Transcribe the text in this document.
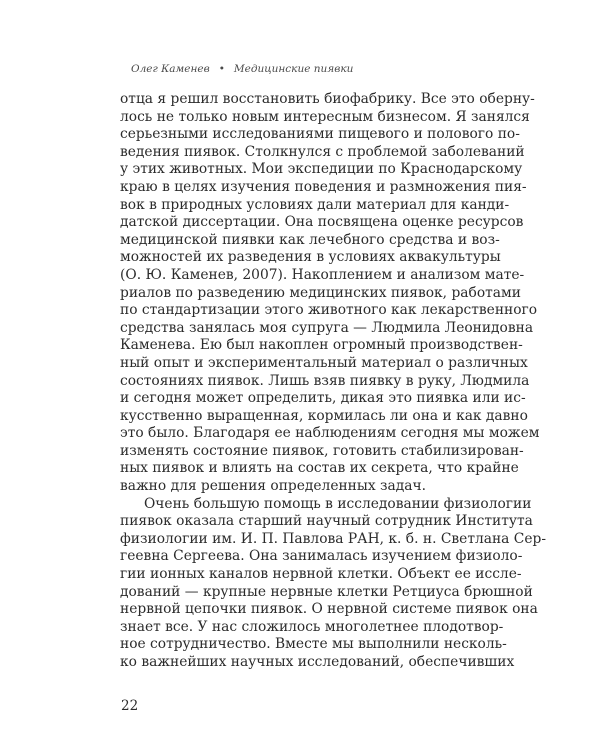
Олег Каменев • Медицинские пиявки
отца я решил восстановить биофабрику. Все это оберну-
лось не только новым интересным бизнесом. Я занялся
серьезными исследованиями пищевого и полового по-
ведения пиявок. Столкнулся с проблемой заболеваний
у этих животных. Мои экспедиции по Краснодарскому
краю в целях изучения поведения и размножения пия-
вок в природных условиях дали материал для канди-
датской диссертации. Она посвящена оценке ресурсов
медицинской пиявки как лечебного средства и воз-
можностей их разведения в условиях аквакультуры
(О. Ю. Каменев, 2007). Накоплением и анализом мате-
риалов по разведению медицинских пиявок, работами
по стандартизации этого животного как лекарственного
средства занялась моя супруга — Людмила Леонидовна
Каменева. Ею был накоплен огромный производствен-
ный опыт и экспериментальный материал о различных
состояниях пиявок. Лишь взяв пиявку в руку, Людмила
и сегодня может определить, дикая это пиявка или ис-
кусственно выращенная, кормилась ли она и как давно
это было. Благодаря ее наблюдениям сегодня мы можем
изменять состояние пиявок, готовить стабилизирован-
ных пиявок и влиять на состав их секрета, что крайне
важно для решения определенных задач.
Очень большую помощь в исследовании физиологии
пиявок оказала старший научный сотрудник Института
физиологии им. И. П. Павлова РАН, к. б. н. Светлана Сер-
геевна Сергеева. Она занималась изучением физиоло-
гии ионных каналов нервной клетки. Объект ее иссле-
дований — крупные нервные клетки Ретциуса брюшной
нервной цепочки пиявок. О нервной системе пиявок она
знает все. У нас сложилось многолетнее плодотвор-
ное сотрудничество. Вместе мы выполнили несколь-
ко важнейших научных исследований, обеспечивших
22
